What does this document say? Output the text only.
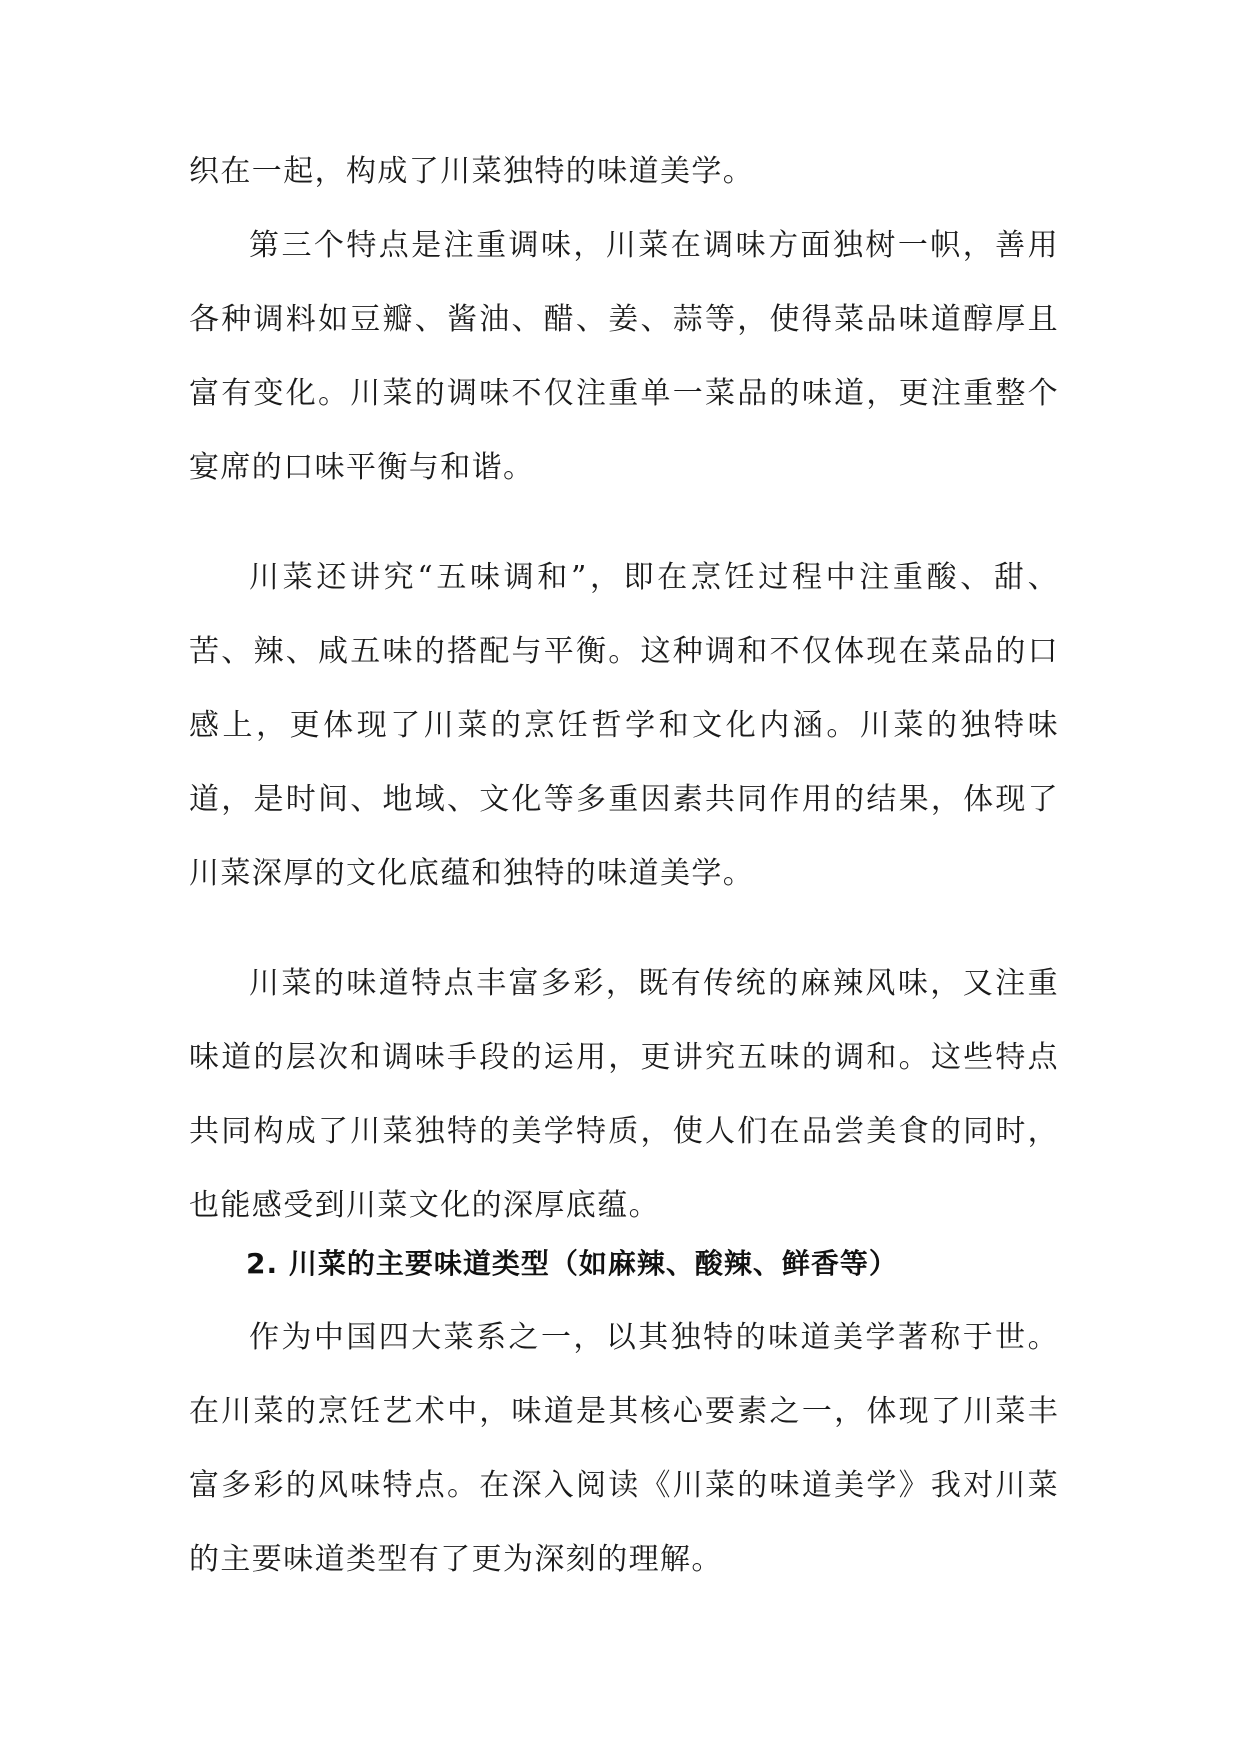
织在一起，构成了川菜独特的味道美学。

第三个特点是注重调味，川菜在调味方面独树一帜，善用各种调料如豆瓣、酱油、醋、姜、蒜等，使得菜品味道醇厚且富有变化。川菜的调味不仅注重单一菜品的味道，更注重整个宴席的口味平衡与和谐。

川菜还讲究“五味调和”，即在烹饪过程中注重酸、甜、苦、辣、咸五味的搭配与平衡。这种调和不仅体现在菜品的口感上，更体现了川菜的烹饪哲学和文化内涵。川菜的独特味道，是时间、地域、文化等多重因素共同作用的结果，体现了川菜深厚的文化底蕴和独特的味道美学。

川菜的味道特点丰富多彩，既有传统的麻辣风味，又注重味道的层次和调味手段的运用，更讲究五味的调和。这些特点共同构成了川菜独特的美学特质，使人们在品尝美食的同时，也能感受到川菜文化的深厚底蕴。

2. 川菜的主要味道类型（如麻辣、酸辣、鲜香等）

作为中国四大菜系之一，以其独特的味道美学著称于世。在川菜的烹饪艺术中，味道是其核心要素之一，体现了川菜丰富多彩的风味特点。在深入阅读《川菜的味道美学》我对川菜的主要味道类型有了更为深刻的理解。
